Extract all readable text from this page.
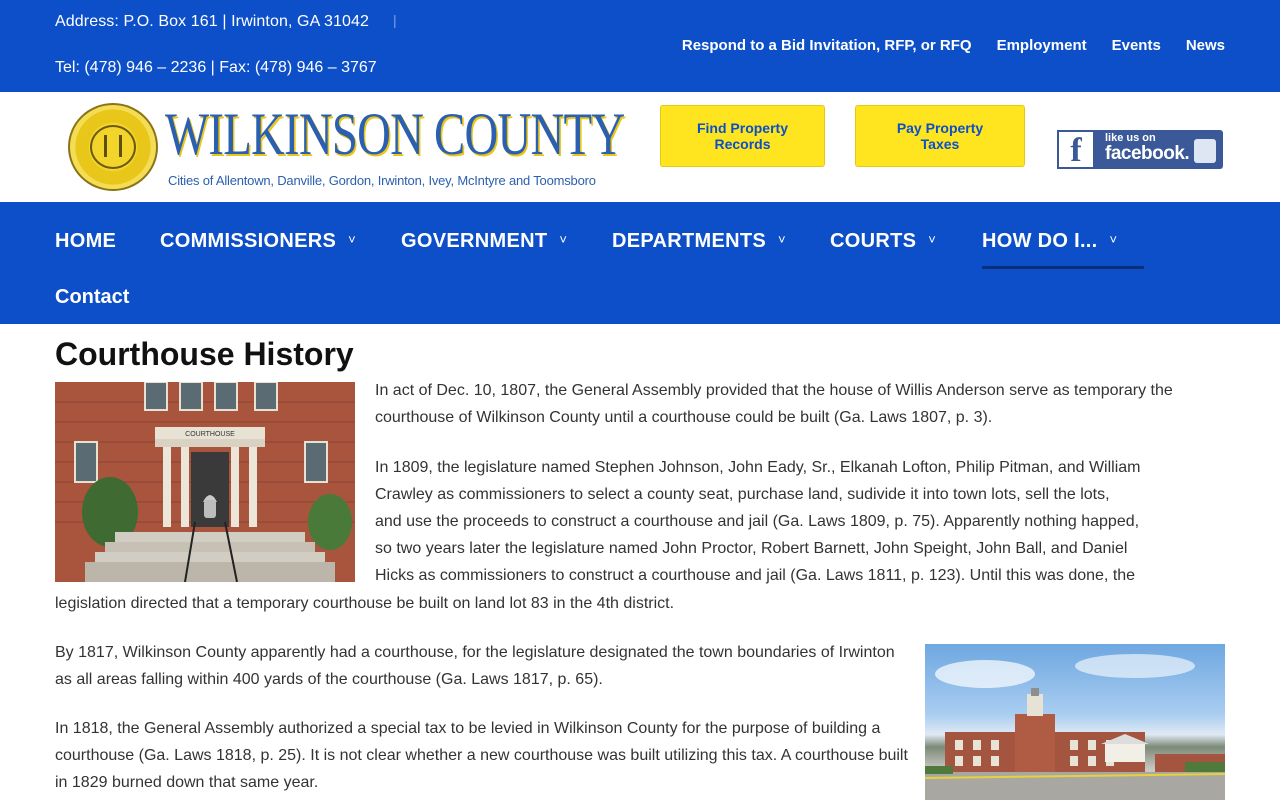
Address: P.O. Box 161 | Irwinton, GA 31042 |
Tel: (478) 946 – 2236 | Fax: (478) 946 – 3767
Respond to a Bid Invitation, RFP, or RFQ Employment Events News
WILKINSON COUNTY
Cities of Allentown, Danville, Gordon, Irwinton, Ivey, McIntyre and Toomsboro
Find Property Records
Pay Property Taxes	f	like us on
facebook.
HOME COMMISSIONERS ˅ GOVERNMENT ˅ DEPARTMENTS ˅ COURTS ˅ HOW DO I... ˅
Contact
Courthouse History
COURTHOUSE
In act of Dec. 10, 1807, the General Assembly provided that the house of Willis Anderson serve as temporary the courthouse of Wilkinson County until a courthouse could be built (Ga. Laws 1807, p. 3).
In 1809, the legislature named Stephen Johnson, John Eady, Sr., Elkanah Lofton, Philip Pitman, and William
Crawley as commissioners to select a county seat, purchase land, sudivide it into town lots, sell the lots,
and use the proceeds to construct a courthouse and jail (Ga. Laws 1809, p. 75). Apparently nothing happed,
so two years later the legislature named John Proctor, Robert Barnett, John Speight, John Ball, and Daniel
Hicks as commissioners to construct a courthouse and jail (Ga. Laws 1811, p. 123). Until this was done, the
legislation directed that a temporary courthouse be built on land lot 83 in the 4th district.
By 1817, Wilkinson County apparently had a courthouse, for the legislature designated the town boundaries of Irwinton as all areas falling within 400 yards of the courthouse (Ga. Laws 1817, p. 65).
In 1818, the General Assembly authorized a special tax to be levied in Wilkinson County for the purpose of building a courthouse (Ga. Laws 1818, p. 25). It is not clear whether a new courthouse was built utilizing this tax. A courthouse built in 1829 burned down that same year.
